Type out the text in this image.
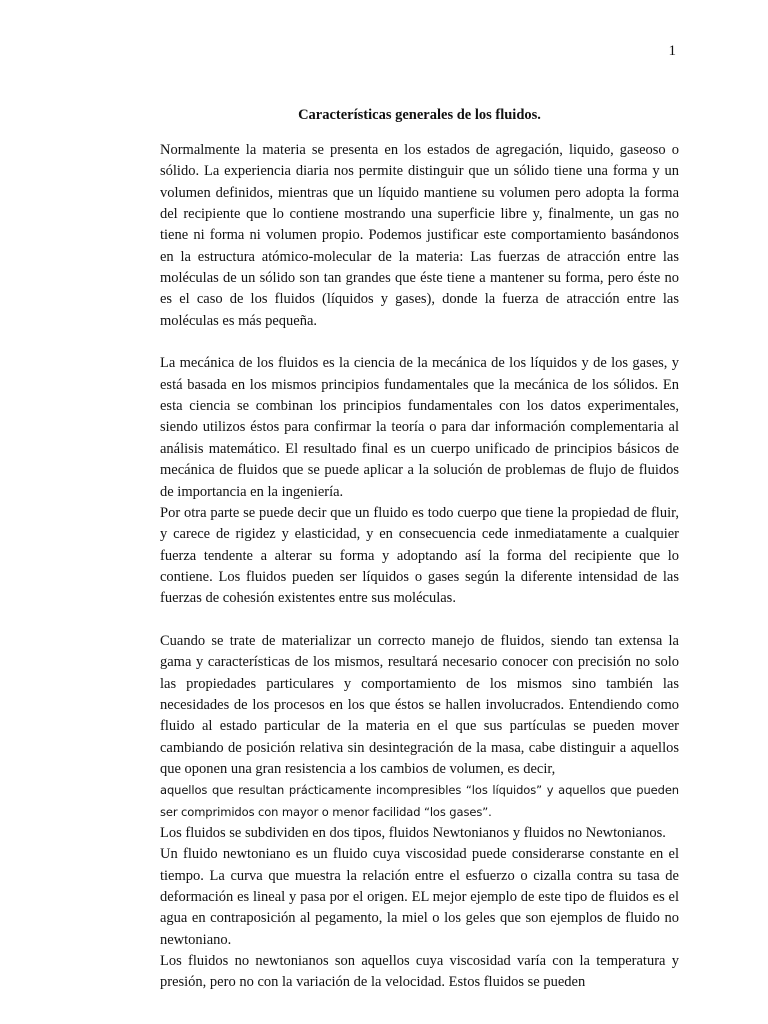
1
Características generales de los fluidos.

Normalmente la materia se presenta en los estados de agregación, liquido, gaseoso o sólido. La experiencia diaria nos permite distinguir que un sólido tiene una forma y un volumen definidos, mientras que un líquido mantiene su volumen pero adopta la forma del recipiente que lo contiene mostrando una superficie libre y, finalmente, un gas no tiene ni forma ni volumen propio. Podemos justificar este comportamiento basándonos en la estructura atómico-molecular de la materia: Las fuerzas de atracción entre las moléculas de un sólido son tan grandes que éste tiene a mantener su forma, pero éste no es el caso de los fluidos (líquidos y gases), donde la fuerza de atracción entre las moléculas es más pequeña.

La mecánica de los fluidos es la ciencia de la mecánica de los líquidos y de los gases, y está basada en los mismos principios fundamentales que la mecánica de los sólidos. En esta ciencia se combinan los principios fundamentales con los datos experimentales, siendo utilizos éstos para confirmar la teoría o para dar información complementaria al análisis matemático. El resultado final es un cuerpo unificado de principios básicos de mecánica de fluidos que se puede aplicar a la solución de problemas de flujo de fluidos de importancia en la ingeniería.

Por otra parte se puede decir que un fluido es todo cuerpo que tiene la propiedad de fluir, y carece de rigidez y elasticidad, y en consecuencia cede inmediatamente a cualquier fuerza tendente a alterar su forma y adoptando así la forma del recipiente que lo contiene. Los fluidos pueden ser líquidos o gases según la diferente intensidad de las fuerzas de cohesión existentes entre sus moléculas.

Cuando se trate de materializar un correcto manejo de fluidos, siendo tan extensa la gama y características de los mismos, resultará necesario conocer con precisión no solo las propiedades particulares y comportamiento de los mismos sino también las necesidades de los procesos en los que éstos se hallen involucrados. Entendiendo como fluido al estado particular de la materia en el que sus partículas se pueden mover cambiando de posición relativa sin desintegración de la masa, cabe distinguir a aquellos que oponen una gran resistencia a los cambios de volumen, es decir,

aquellos que resultan prácticamente incompresibles “los líquidos” y aquellos que pueden ser comprimidos con mayor o menor facilidad “los gases”.

Los fluidos se subdividen en dos tipos, fluidos Newtonianos y fluidos no Newtonianos.

Un fluido newtoniano es un fluido cuya viscosidad puede considerarse constante en el tiempo. La curva que muestra la relación entre el esfuerzo o cizalla contra su tasa de deformación es lineal y pasa por el origen. EL mejor ejemplo de este tipo de fluidos es el agua en contraposición al pegamento, la miel o los geles que son ejemplos de fluido no newtoniano.

Los fluidos no newtonianos son aquellos cuya viscosidad varía con la temperatura y presión, pero no con la variación de la velocidad. Estos fluidos se pueden
